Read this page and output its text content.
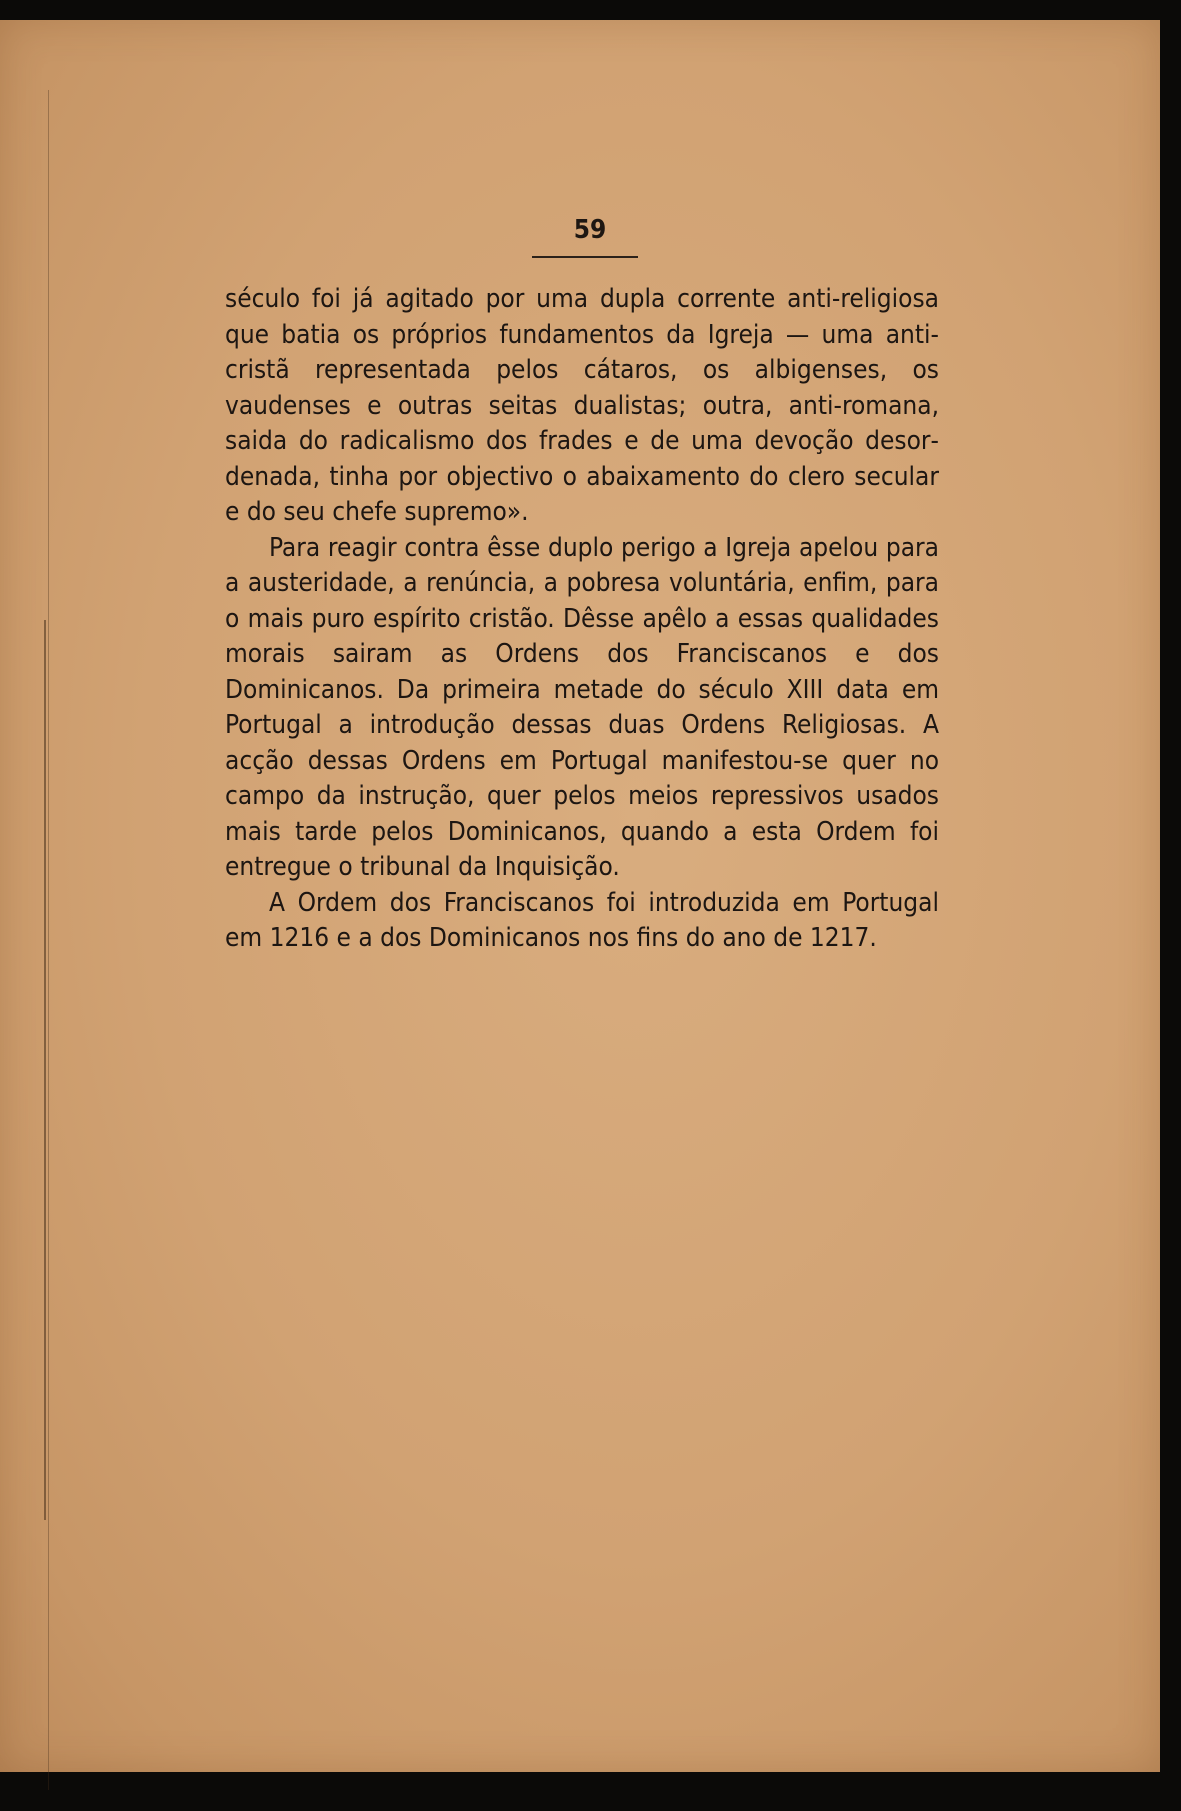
59

século foi já agitado por uma dupla corrente anti-religiosa que batia os próprios fundamentos da Igreja — uma anti-cristã representada pelos cátaros, os albigenses, os vaudenses e outras seitas dualistas; outra, anti-romana, saida do radicalismo dos frades e de uma devoção desordenada, tinha por objectivo o abaixamento do clero secular e do seu chefe supremo».

Para reagir contra êsse duplo perigo a Igreja apelou para a austeridade, a renúncia, a pobresa voluntária, enfim, para o mais puro espírito cristão. Dêsse apêlo a essas qualidades morais sairam as Ordens dos Franciscanos e dos Dominicanos. Da primeira metade do século XIII data em Portugal a introdução dessas duas Ordens Religiosas. A acção dessas Ordens em Portugal manifestou-se quer no campo da instrução, quer pelos meios repressivos usados mais tarde pelos Dominicanos, quando a esta Ordem foi entregue o tribunal da Inquisição.

A Ordem dos Franciscanos foi introduzida em Portugal em 1216 e a dos Dominicanos nos fins do ano de 1217.
